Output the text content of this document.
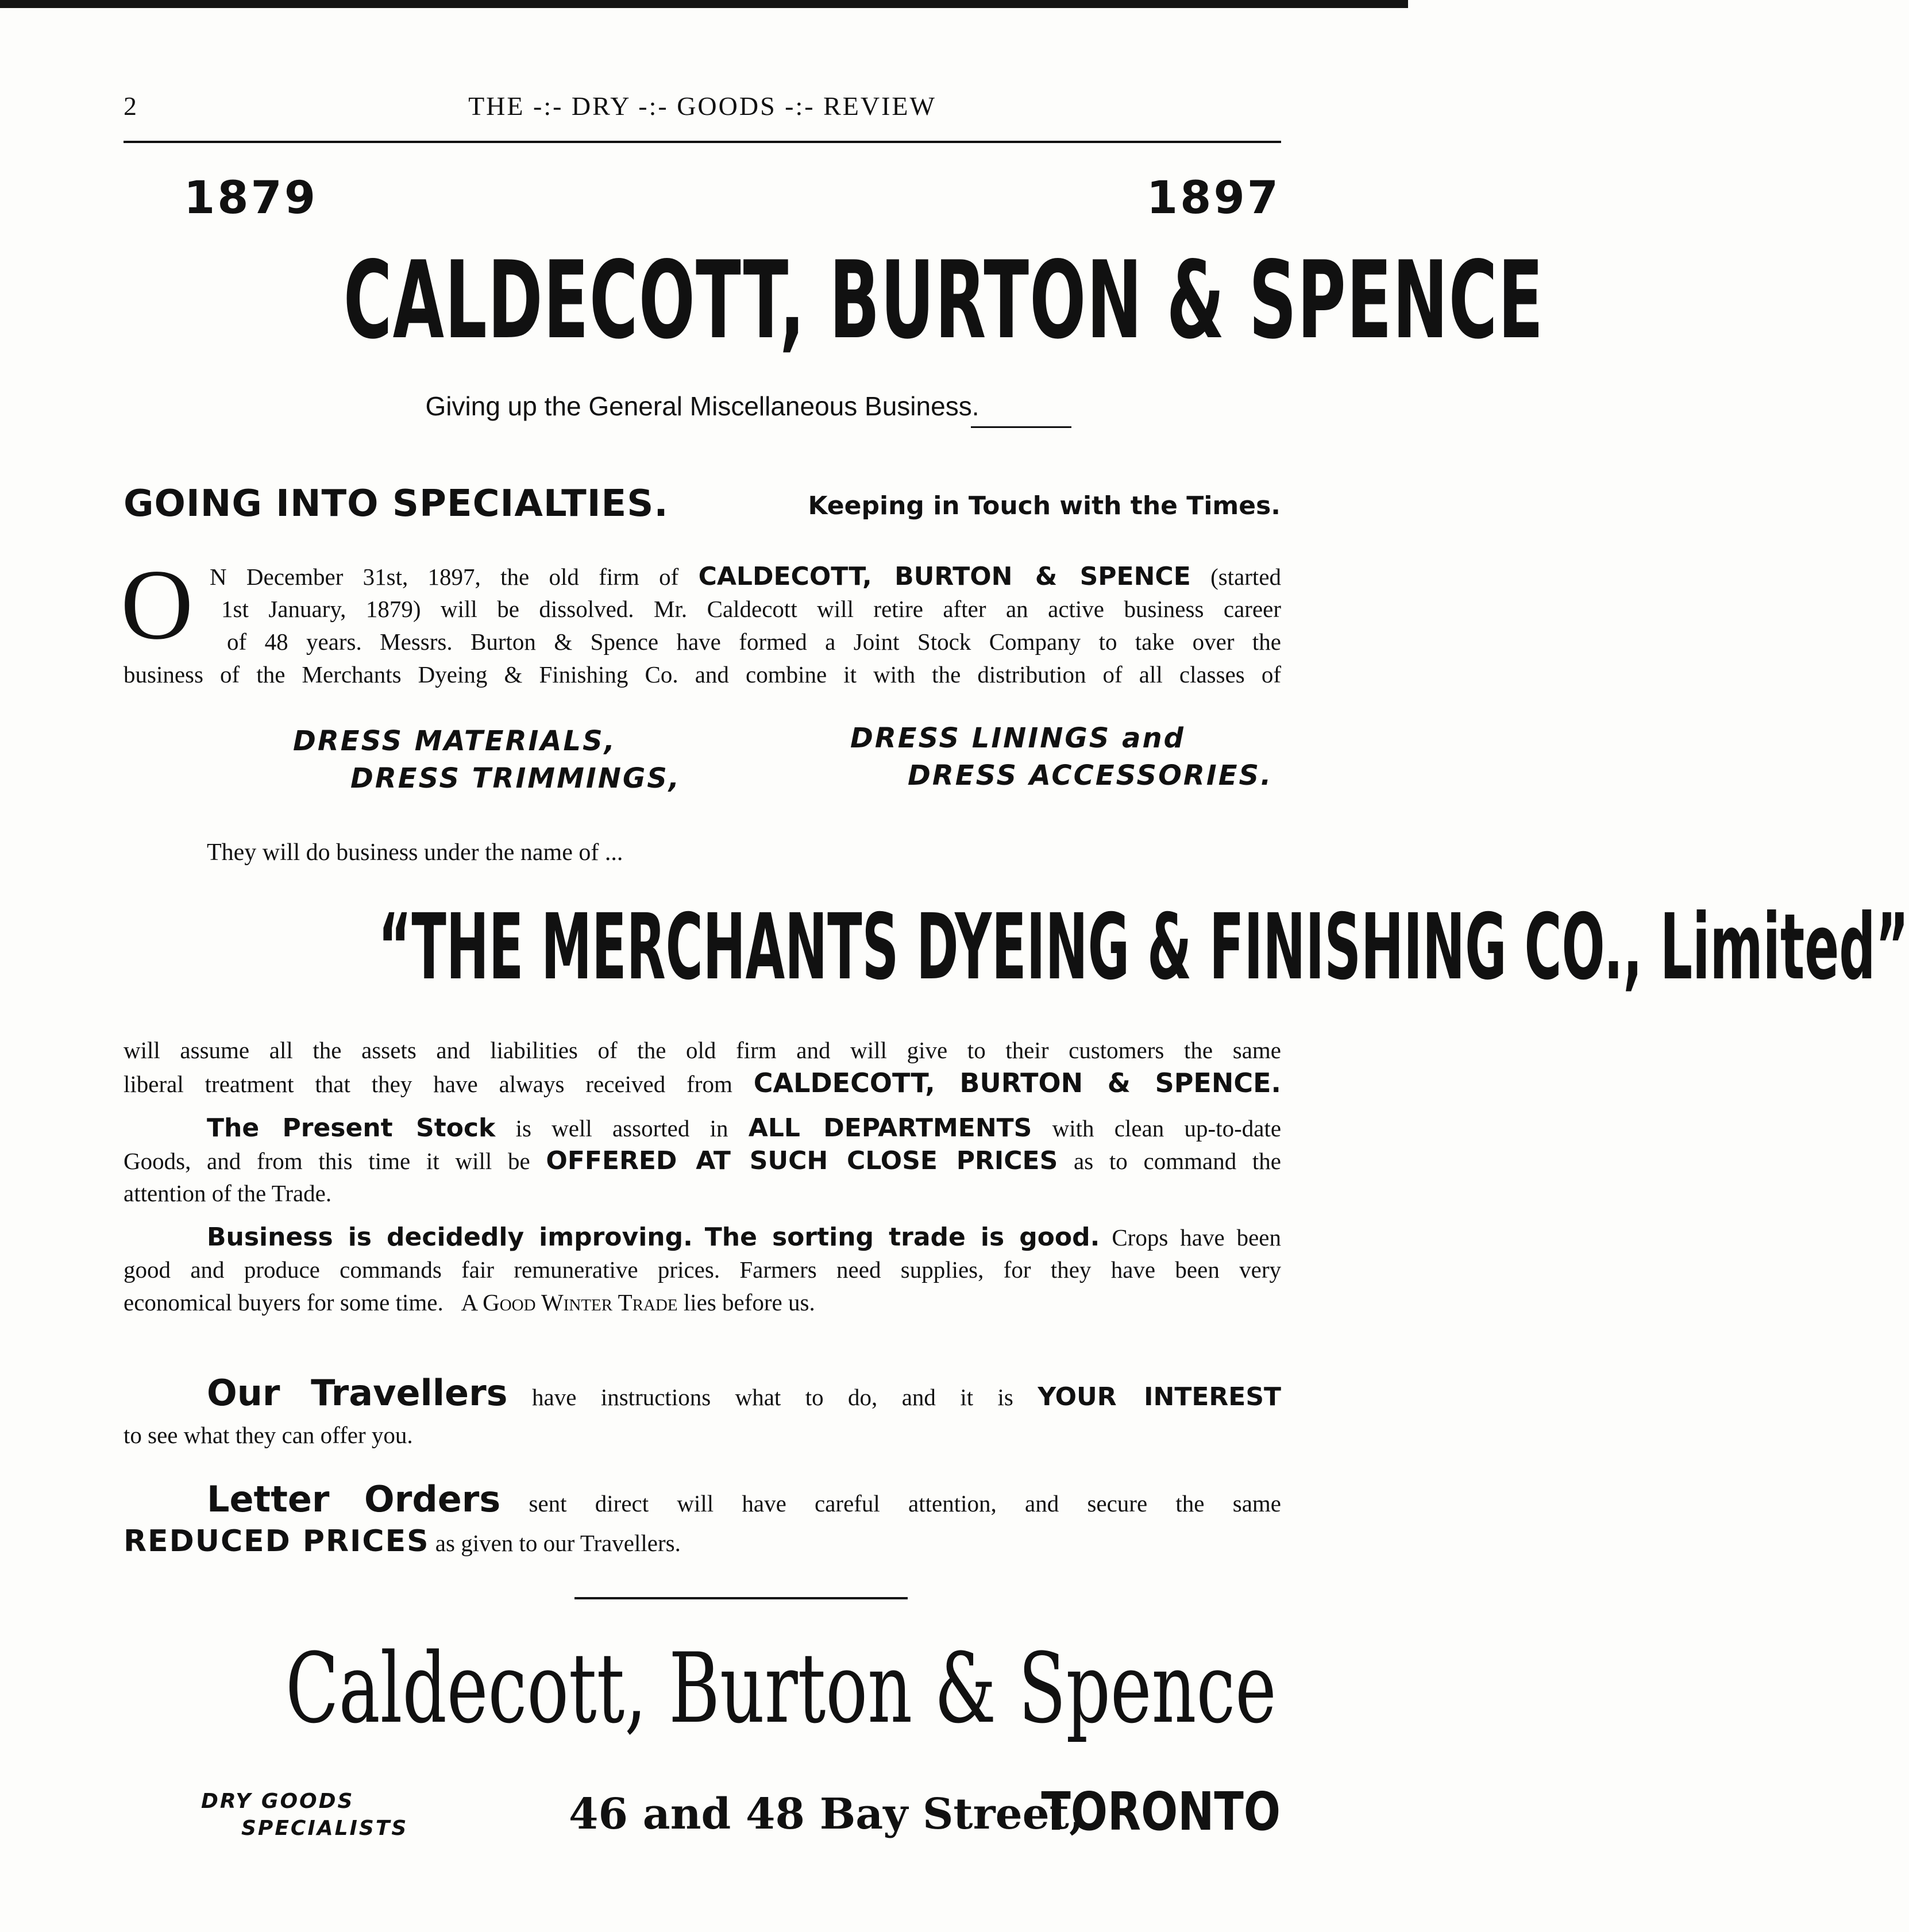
2	THE -:- DRY -:- GOODS -:- REVIEW
1879	1897
CALDECOTT, BURTON & SPENCE
Giving up the General Miscellaneous Business.
GOING INTO SPECIALTIES.	Keeping in Touch with the Times.
O N December 31st, 1897, the old firm of CALDECOTT, BURTON & SPENCE (started
1st January, 1879) will be dissolved. Mr. Caldecott will retire after an active business career
of 48 years. Messrs. Burton & Spence have formed a Joint Stock Company to take over the
business of the Merchants Dyeing & Finishing Co. and combine it with the distribution of all classes of
DRESS MATERIALS,
DRESS TRIMMINGS,
DRESS LININGS and
DRESS ACCESSORIES.
They will do business under the name of ...
“THE MERCHANTS DYEING & FINISHING CO., Limited”
will assume all the assets and liabilities of the old firm and will give to their customers the same
liberal treatment that they have always received from CALDECOTT, BURTON & SPENCE.
The Present Stock is well assorted in ALL DEPARTMENTS with clean up-to-date
Goods, and from this time it will be OFFERED AT SUCH CLOSE PRICES as to command the
attention of the Trade.
Business is decidedly improving. The sorting trade is good. Crops have been
good and produce commands fair remunerative prices. Farmers need supplies, for they have been very
economical buyers for some time. A Good Winter Trade lies before us.
Our Travellers have instructions what to do, and it is YOUR INTEREST
to see what they can offer you.
Letter Orders sent direct will have careful attention, and secure the same
REDUCED PRICES as given to our Travellers.
Caldecott, Burton & Spence
DRY GOODS
SPECIALISTS	46 and 48 Bay Street,
TORONTO
